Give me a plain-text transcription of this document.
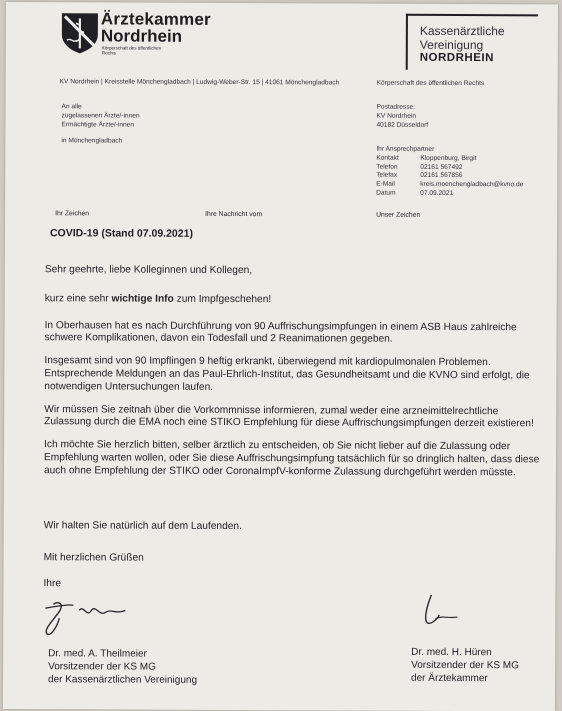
Ärztekammer
Nordrhein
Körperschaft des öffentlichen Rechts
Kassenärztliche
Vereinigung
NORDRHEIN
KV Nordrhein | Kreisstelle Mönchengladbach | Ludwig-Weber-Str. 15 | 41061 Mönchengladbach	Körperschaft des öffentlichen Rechts
An alle
zugelassenen Ärzte/-innen
Ermächtigte Ärzte/-innen
in Mönchengladbach
Postadresse:
KV Nordrhein
40182 Düsseldorf
Ihr Ansprechpartner
Kontakt	Kloppenburg, Birgit
Telefon	02161 567492
Telefax	02161 567856
E-Mail	kreis.moenchengladbach@kvno.de
Datum	07.09.2021
Ihr Zeichen	Ihre Nachricht vom	Unser Zeichen
COVID-19 (Stand 07.09.2021)

Sehr geehrte, liebe Kolleginnen und Kollegen,

kurz eine sehr wichtige Info zum Impfgeschehen!

In Oberhausen hat es nach Durchführung von 90 Auffrischungsimpfungen in einem ASB Haus zahlreiche schwere Komplikationen, davon ein Todesfall und 2 Reanimationen gegeben.

Insgesamt sind von 90 Impflingen 9 heftig erkrankt, überwiegend mit kardiopulmonalen Problemen. Entsprechende Meldungen an das Paul-Ehrlich-Institut, das Gesundheitsamt und die KVNO sind erfolgt, die notwendigen Untersuchungen laufen.

Wir müssen Sie zeitnah über die Vorkommnisse informieren, zumal weder eine arzneimittelrechtliche Zulassung durch die EMA noch eine STIKO Empfehlung für diese Auffrischungsimpfungen derzeit existieren!

Ich möchte Sie herzlich bitten, selber ärztlich zu entscheiden, ob Sie nicht lieber auf die Zulassung oder Empfehlung warten wollen, oder Sie diese Auffrischungsimpfung tatsächlich für so dringlich halten, dass diese auch ohne Empfehlung der STIKO oder CoronaImpfV-konforme Zulassung durchgeführt werden müsste.

Wir halten Sie natürlich auf dem Laufenden.
Mit herzlichen Grüßen
Ihre
Dr. med. A. Theilmeier
Vorsitzender der KS MG
der Kassenärztlichen Vereinigung
Dr. med. H. Hüren
Vorsitzender der KS MG
der Ärztekammer
